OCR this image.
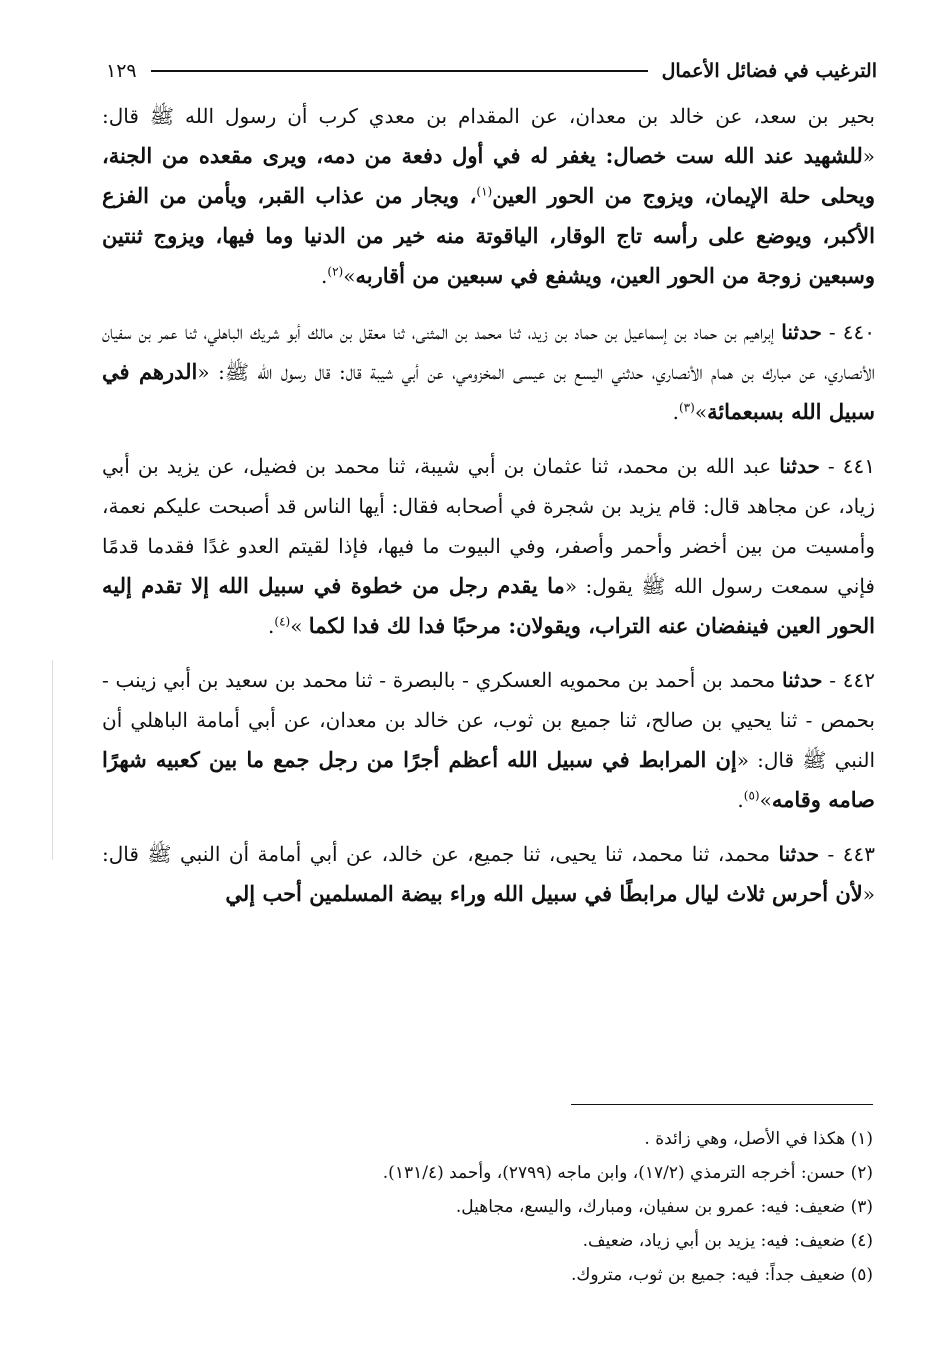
الترغيب في فضائل الأعمال
١٢٩

بحير بن سعد، عن خالد بن معدان، عن المقدام بن معدي كرب أن رسول الله ﷺ قال: «للشهيد عند الله ست خصال: يغفر له في أول دفعة من دمه، ويرى مقعده من الجنة، ويحلى حلة الإيمان، ويزوج من الحور العين$^{(١)}$، ويجار من عذاب القبر، ويأمن من الفزع الأكبر، ويوضع على رأسه تاج الوقار، الياقوتة منه خير من الدنيا وما فيها، ويزوج ثنتين وسبعين زوجة من الحور العين، ويشفع في سبعين من أقاربه»$^{(٢)}$.

٤٤٠ - حدثنا إبراهيم بن حماد بن إسماعيل بن حماد بن زيد، ثنا محمد بن المثنى، ثنا معقل بن مالك أبو شريك الباهلي، ثنا عمر بن سفيان الأنصاري، عن مبارك بن همام الأنصاري، حدثني اليسع بن عيسى المخزومي، عن أبي شيبة قال: قال رسول الله ﷺ: «الدرهم في سبيل الله بسبعمائة»$^{(٣)}$.

٤٤١ - حدثنا عبد الله بن محمد، ثنا عثمان بن أبي شيبة، ثنا محمد بن فضيل، عن يزيد بن أبي زياد، عن مجاهد قال: قام يزيد بن شجرة في أصحابه فقال: أيها الناس قد أصبحت عليكم نعمة، وأمسيت من بين أخضر وأحمر وأصفر، وفي البيوت ما فيها، فإذا لقيتم العدو غدًا فقدما قدمًا فإني سمعت رسول الله ﷺ يقول: «ما يقدم رجل من خطوة في سبيل الله إلا تقدم إليه الحور العين فينفضان عنه التراب، ويقولان: مرحبًا فدا لك فدا لكما »$^{(٤)}$.

٤٤٢ - حدثنا محمد بن أحمد بن محمويه العسكري - بالبصرة - ثنا محمد بن سعيد بن أبي زينب - بحمص - ثنا يحيي بن صالح، ثنا جميع بن ثوب، عن خالد بن معدان، عن أبي أمامة الباهلي أن النبي ﷺ قال: «إن المرابط في سبيل الله أعظم أجرًا من رجل جمع ما بين كعبيه شهرًا صامه وقامه»$^{(٥)}$.

٤٤٣ - حدثنا محمد، ثنا محمد، ثنا يحيى، ثنا جميع، عن خالد، عن أبي أمامة أن النبي ﷺ قال: «لأن أحرس ثلاث ليال مرابطًا في سبيل الله وراء بيضة المسلمين أحب إلي

(١) هكذا في الأصل، وهي زائدة .
(٢) حسن: أخرجه الترمذي (١٧/٢)، وابن ماجه (٢٧٩٩)، وأحمد (١٣١/٤).
(٣) ضعيف: فيه: عمرو بن سفيان، ومبارك، واليسع، مجاهيل.
(٤) ضعيف: فيه: يزيد بن أبي زياد، ضعيف.
(٥) ضعيف جداً: فيه: جميع بن ثوب، متروك.
